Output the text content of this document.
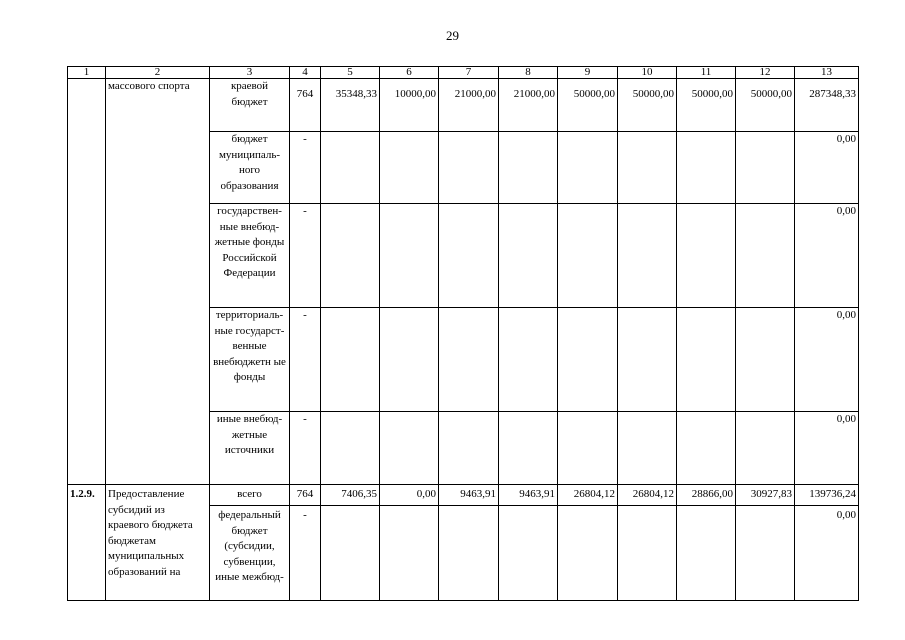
29
1	2	3	4	5	6	7	8	9	10	11	12	13
	массового спорта	краевой бюджет	764	35348,33	10000,00	21000,00	21000,00	50000,00	50000,00	50000,00	50000,00	287348,33
		бюджет муниципаль-ного образования	-									0,00
		государствен-ные внебюд-жетные фонды Российской Федерации	-									0,00
		территориаль-ные государст-венные внебюджетн ые фонды	-									0,00
		иные внебюд-жетные источники	-									0,00
1.2.9.	Предоставление субсидий из краевого бюджета бюджетам муниципальных образований на	всего	764	7406,35	0,00	9463,91	9463,91	26804,12	26804,12	28866,00	30927,83	139736,24
		федеральный бюджет (субсидии, субвенции, иные межбюд-	-									0,00
